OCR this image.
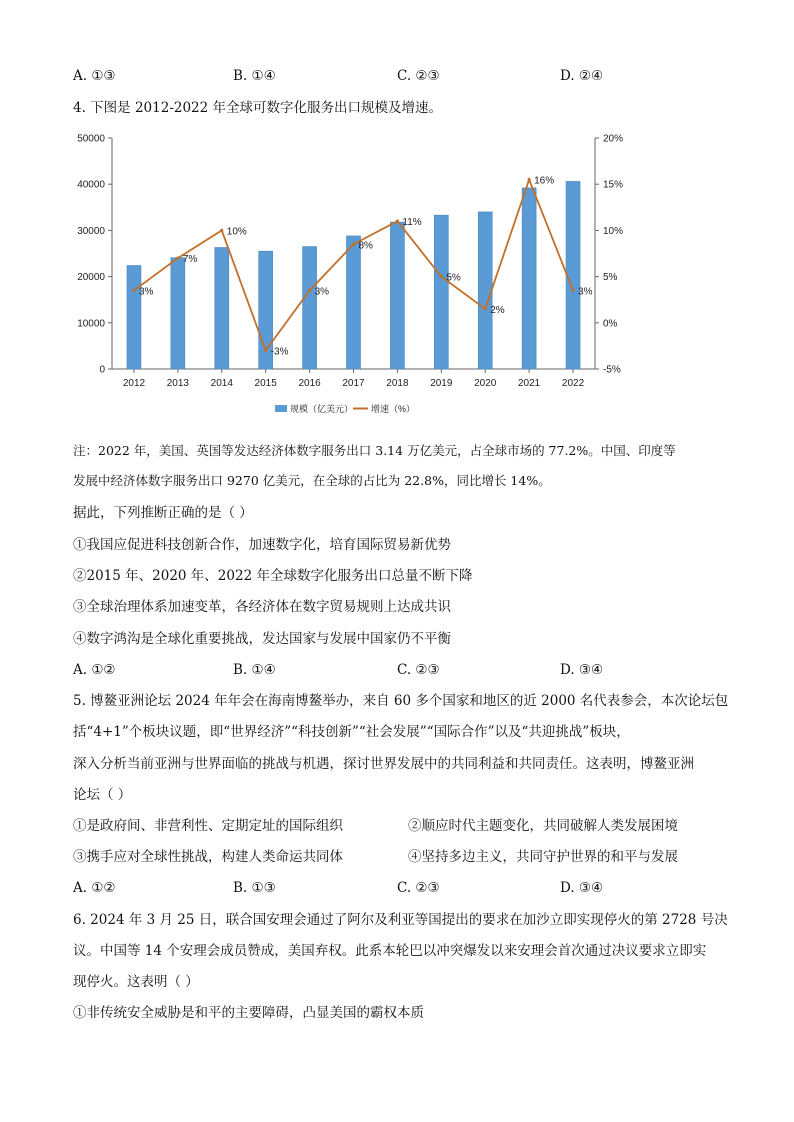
A. ①③	B. ①④	C. ②③	D. ②④
4. 下图是 2012-2022 年全球可数字化服务出口规模及增速。
0	-5%
10000	0%
20000	5%
30000	10%
40000	15%
50000	20%
2012 2013 2014 2015 2016 2017 2018 2019 2020 2021 2022
3%
7%
10%
-3%
3%
8%
11%
5%
2%
16%
3%
规模（亿美元） 增速（%）
注：2022 年，美国、英国等发达经济体数字服务出口 3.14 万亿美元，占全球市场的 77.2%。中国、印度等
发展中经济体数字服务出口 9270 亿美元，在全球的占比为 22.8%，同比增长 14%。
据此，下列推断正确的是（ ）
①我国应促进科技创新合作，加速数字化，培育国际贸易新优势
②2015 年、2020 年、2022 年全球数字化服务出口总量不断下降
③全球治理体系加速变革，各经济体在数字贸易规则上达成共识
④数字鸿沟是全球化重要挑战，发达国家与发展中国家仍不平衡
A. ①②	B. ①④	C. ②③	D. ③④
5. 博鳌亚洲论坛 2024 年年会在海南博鳌举办，来自 60 多个国家和地区的近 2000 名代表参会，本次论坛包
括“4+1”个板块议题，即“世界经济”“科技创新”“社会发展”“国际合作”以及“共迎挑战”板块，
深入分析当前亚洲与世界面临的挑战与机遇，探讨世界发展中的共同利益和共同责任。这表明，博鳌亚洲
论坛（ ）
①是政府间、非营利性、定期定址的国际组织	②顺应时代主题变化，共同破解人类发展困境
③携手应对全球性挑战，构建人类命运共同体	④坚持多边主义，共同守护世界的和平与发展
A. ①②	B. ①③	C. ②③	D. ③④
6. 2024 年 3 月 25 日，联合国安理会通过了阿尔及利亚等国提出的要求在加沙立即实现停火的第 2728 号决
议。中国等 14 个安理会成员赞成，美国弃权。此系本轮巴以冲突爆发以来安理会首次通过决议要求立即实
现停火。这表明（ ）
①非传统安全威胁是和平的主要障碍，凸显美国的霸权本质
